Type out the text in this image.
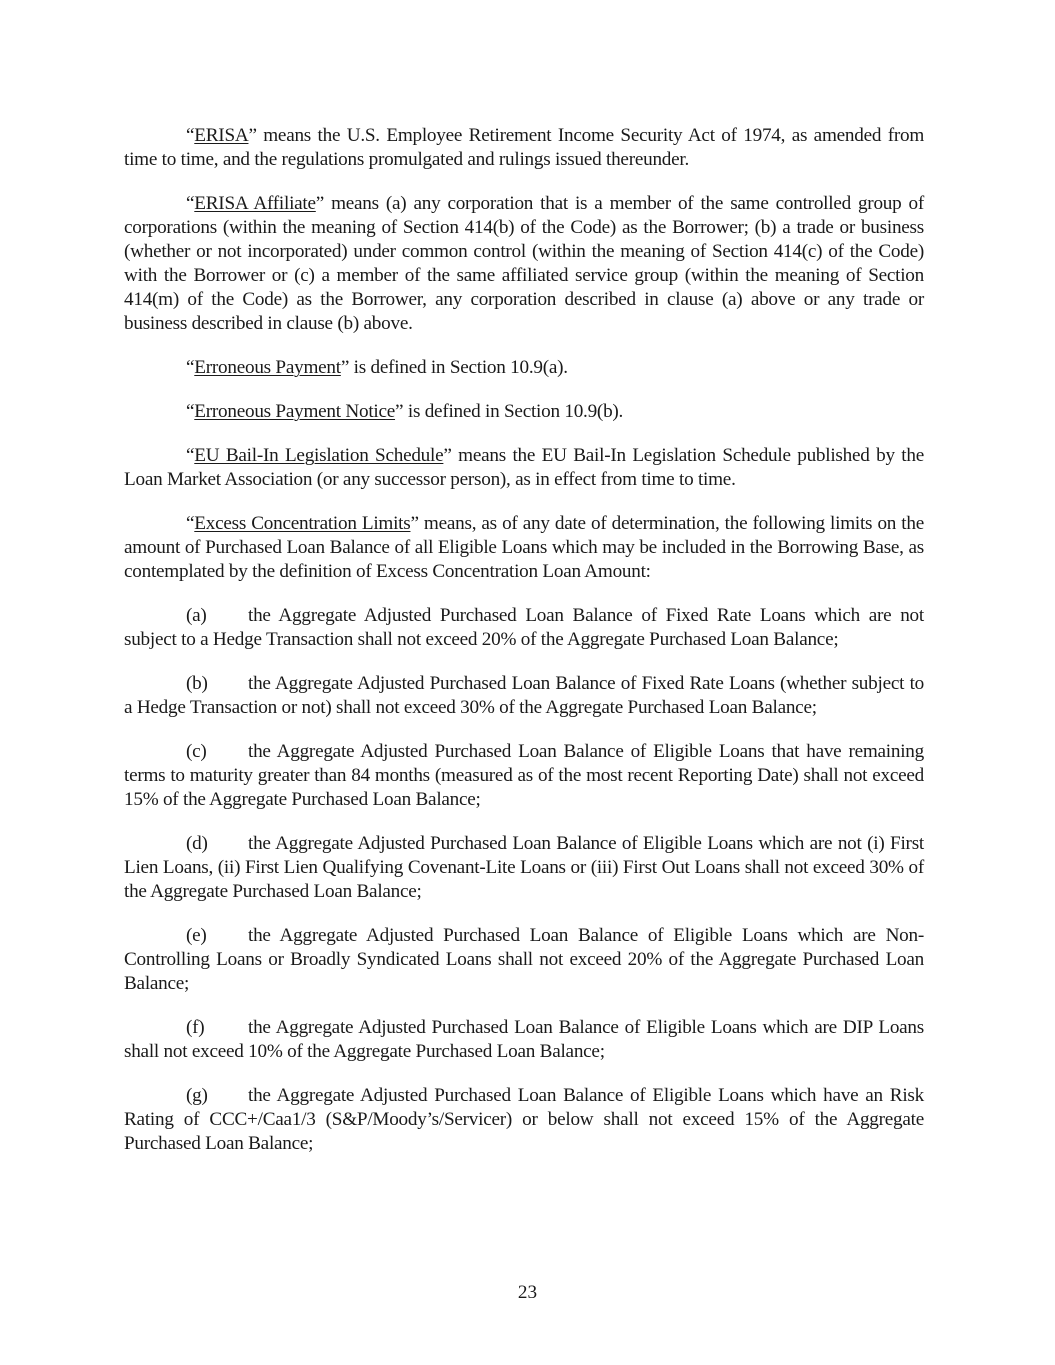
“ERISA” means the U.S. Employee Retirement Income Security Act of 1974, as amended from time to time, and the regulations promulgated and rulings issued thereunder.

“ERISA Affiliate” means (a) any corporation that is a member of the same controlled group of corporations (within the meaning of Section 414(b) of the Code) as the Borrower; (b) a trade or business (whether or not incorporated) under common control (within the meaning of Section 414(c) of the Code) with the Borrower or (c) a member of the same affiliated service group (within the meaning of Section 414(m) of the Code) as the Borrower, any corporation described in clause (a) above or any trade or business described in clause (b) above.

“Erroneous Payment” is defined in Section 10.9(a).

“Erroneous Payment Notice” is defined in Section 10.9(b).

“EU Bail-In Legislation Schedule” means the EU Bail-In Legislation Schedule published by the Loan Market Association (or any successor person), as in effect from time to time.

“Excess Concentration Limits” means, as of any date of determination, the following limits on the amount of Purchased Loan Balance of all Eligible Loans which may be included in the Borrowing Base, as contemplated by the definition of Excess Concentration Loan Amount:

(a) the Aggregate Adjusted Purchased Loan Balance of Fixed Rate Loans which are not subject to a Hedge Transaction shall not exceed 20% of the Aggregate Purchased Loan Balance;

(b) the Aggregate Adjusted Purchased Loan Balance of Fixed Rate Loans (whether subject to a Hedge Transaction or not) shall not exceed 30% of the Aggregate Purchased Loan Balance;

(c) the Aggregate Adjusted Purchased Loan Balance of Eligible Loans that have remaining terms to maturity greater than 84 months (measured as of the most recent Reporting Date) shall not exceed 15% of the Aggregate Purchased Loan Balance;

(d) the Aggregate Adjusted Purchased Loan Balance of Eligible Loans which are not (i) First Lien Loans, (ii) First Lien Qualifying Covenant-Lite Loans or (iii) First Out Loans shall not exceed 30% of the Aggregate Purchased Loan Balance;

(e) the Aggregate Adjusted Purchased Loan Balance of Eligible Loans which are Non-Controlling Loans or Broadly Syndicated Loans shall not exceed 20% of the Aggregate Purchased Loan Balance;

(f) the Aggregate Adjusted Purchased Loan Balance of Eligible Loans which are DIP Loans shall not exceed 10% of the Aggregate Purchased Loan Balance;

(g) the Aggregate Adjusted Purchased Loan Balance of Eligible Loans which have an Risk Rating of CCC+/Caa1/3 (S&P/Moody’s/Servicer) or below shall not exceed 15% of the Aggregate Purchased Loan Balance;

23
